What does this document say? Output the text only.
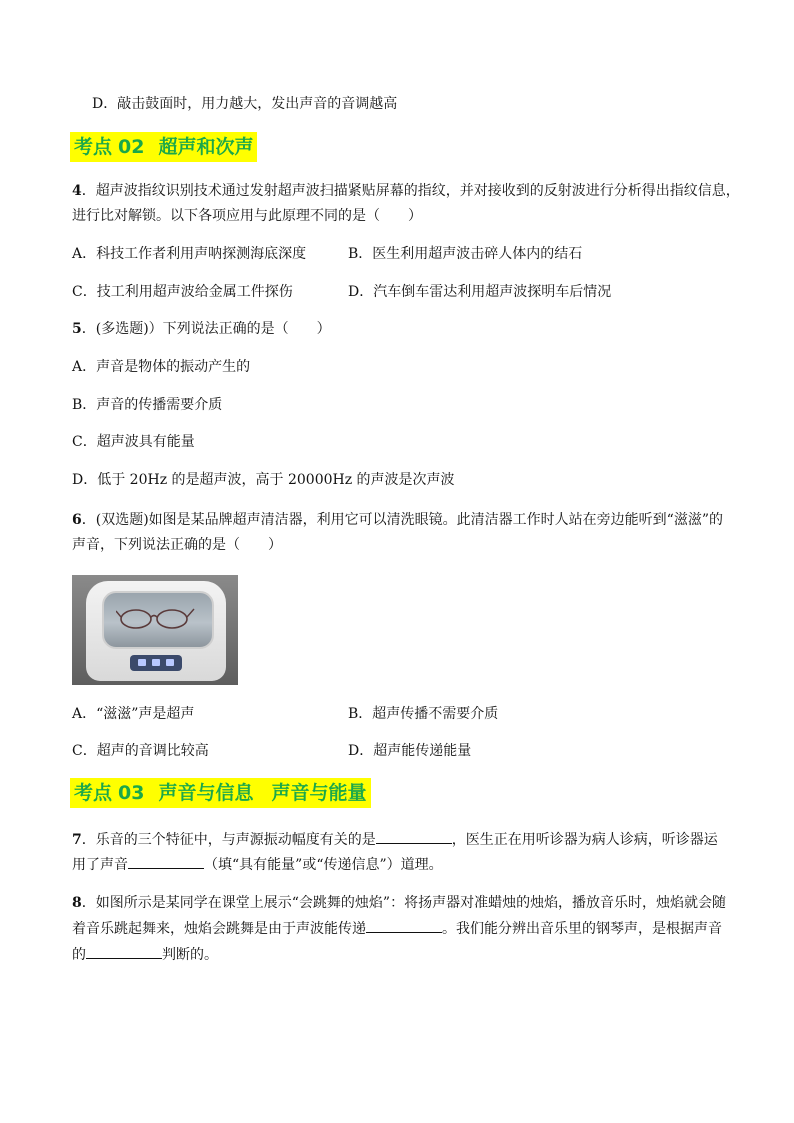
D．敲击鼓面时，用力越大，发出声音的音调越高
考点 02 超声和次声
4．超声波指纹识别技术通过发射超声波扫描紧贴屏幕的指纹，并对接收到的反射波进行分析得出指纹信息，
进行比对解锁。以下各项应用与此原理不同的是（　　）
A．科技工作者利用声呐探测海底深度	B．医生利用超声波击碎人体内的结石
C．技工利用超声波给金属工件探伤	D．汽车倒车雷达利用超声波探明车后情况
5．(多选题)）下列说法正确的是（　　）
A．声音是物体的振动产生的
B．声音的传播需要介质
C．超声波具有能量
D．低于 20Hz 的是超声波，高于 20000Hz 的声波是次声波
6．(双选题)如图是某品牌超声清洁器，利用它可以清洗眼镜。此清洁器工作时人站在旁边能听到“滋滋”的
声音，下列说法正确的是（　　）
A．“滋滋”声是超声	B．超声传播不需要介质
C．超声的音调比较高	D．超声能传递能量
考点 03 声音与信息 声音与能量
7．乐音的三个特征中，与声源振动幅度有关的是	，医生正在用听诊器为病人诊病，听诊器运
用了声音	（填“具有能量”或“传递信息”）道理。
8．如图所示是某同学在课堂上展示“会跳舞的烛焰”：将扬声器对准蜡烛的烛焰，播放音乐时，烛焰就会随
着音乐跳起舞来，烛焰会跳舞是由于声波能传递	。我们能分辨出音乐里的钢琴声，是根据声音
的	判断的。
